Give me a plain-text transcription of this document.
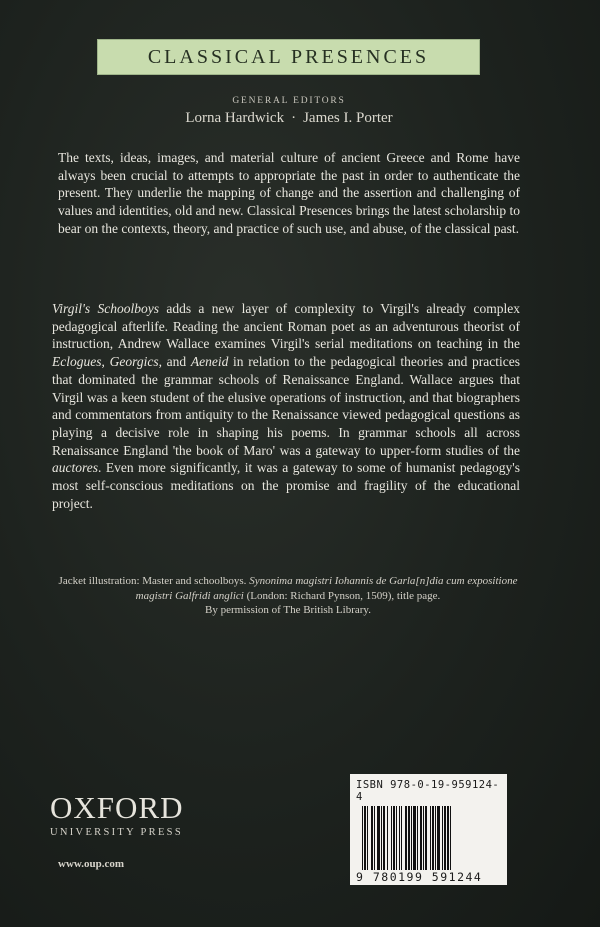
CLASSICAL PRESENCES
GENERAL EDITORS
Lorna Hardwick · James I. Porter
The texts, ideas, images, and material culture of ancient Greece and Rome have always been crucial to attempts to appropriate the past in order to authenticate the present. They underlie the mapping of change and the assertion and challenging of values and identities, old and new. Classical Presences brings the latest scholarship to bear on the contexts, theory, and practice of such use, and abuse, of the classical past.
Virgil's Schoolboys adds a new layer of complexity to Virgil's already complex pedagogical afterlife. Reading the ancient Roman poet as an adventurous theorist of instruction, Andrew Wallace examines Virgil's serial meditations on teaching in the Eclogues, Georgics, and Aeneid in relation to the pedagogical theories and practices that dominated the grammar schools of Renaissance England. Wallace argues that Virgil was a keen student of the elusive operations of instruction, and that biographers and commentators from antiquity to the Renaissance viewed pedagogical questions as playing a decisive role in shaping his poems. In grammar schools all across Renaissance England 'the book of Maro' was a gateway to upper-form studies of the auctores. Even more significantly, it was a gateway to some of humanist pedagogy's most self-conscious meditations on the promise and fragility of the educational project.
Jacket illustration: Master and schoolboys. Synonima magistri Iohannis de Garla[n]dia cum expositione magistri Galfridi anglici (London: Richard Pynson, 1509), title page.
By permission of The British Library.
OXFORD
UNIVERSITY PRESS
www.oup.com
ISBN 978-0-19-959124-4
9 780199 591244
